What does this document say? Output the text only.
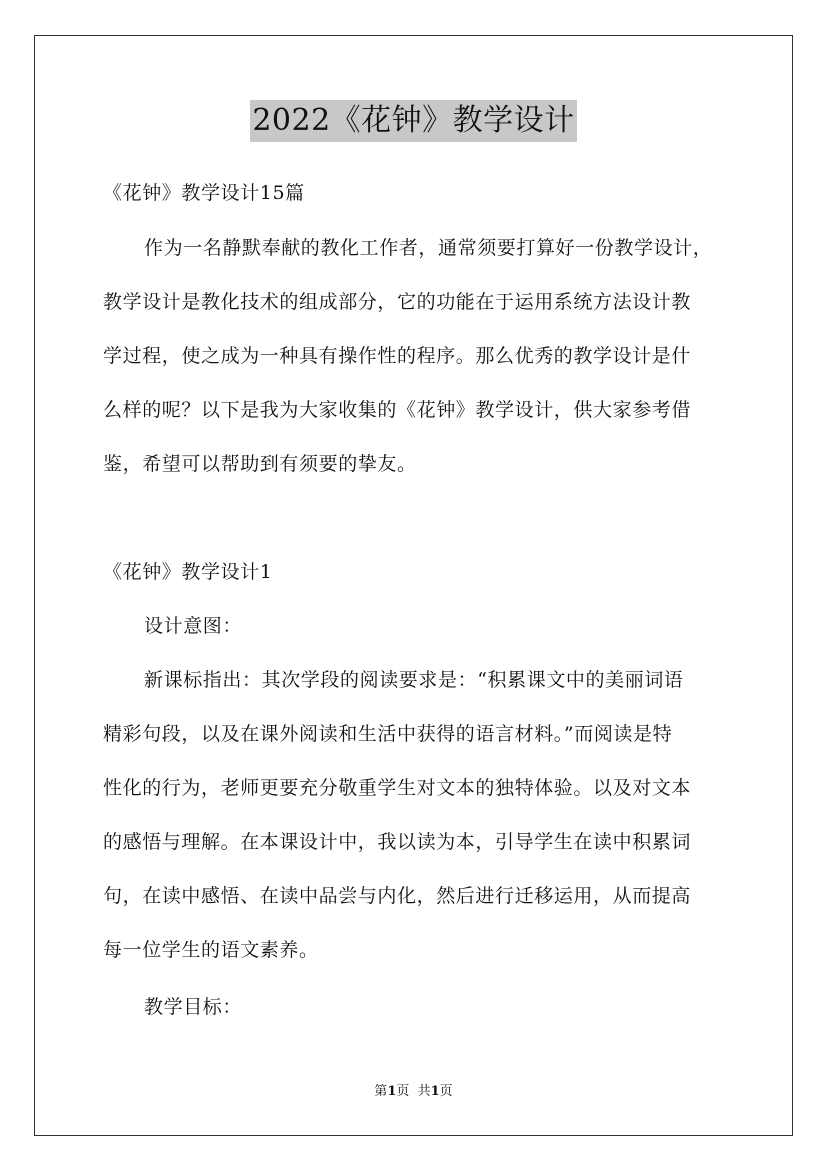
2022《花钟》教学设计
《花钟》教学设计15篇
作为一名静默奉献的教化工作者，通常须要打算好一份教学设计，
教学设计是教化技术的组成部分，它的功能在于运用系统方法设计教
学过程，使之成为一种具有操作性的程序。那么优秀的教学设计是什
么样的呢？以下是我为大家收集的《花钟》教学设计，供大家参考借
鉴，希望可以帮助到有须要的挚友。
《花钟》教学设计1
设计意图：
新课标指出：其次学段的阅读要求是：“积累课文中的美丽词语
精彩句段，以及在课外阅读和生活中获得的语言材料。”而阅读是特
性化的行为，老师更要充分敬重学生对文本的独特体验。以及对文本
的感悟与理解。在本课设计中，我以读为本，引导学生在读中积累词
句，在读中感悟、在读中品尝与内化，然后进行迁移运用，从而提高
每一位学生的语文素养。
教学目标：
第1页  共1页
